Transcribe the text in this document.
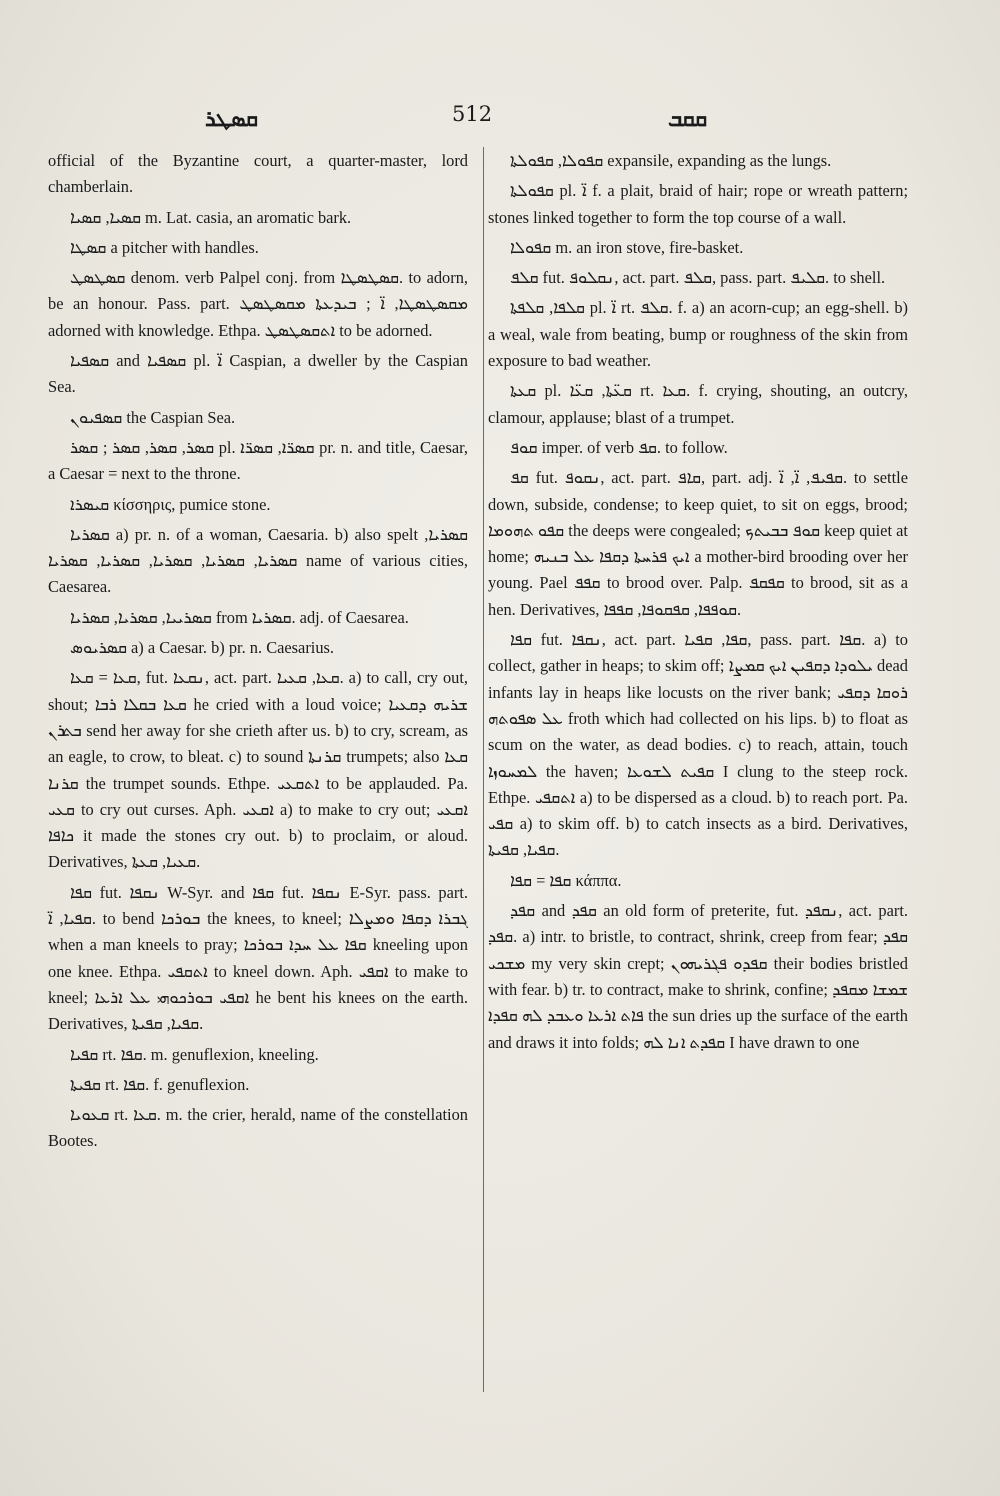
ܩܣܛܪ	512	ܩܩܒ

official of the Byzantine court, a quarter-master, lord chamberlain.

ܩܣܝܐ, ܩܣܝܐ m. Lat. casia, an aromatic bark.

ܩܣܛܐ a pitcher with handles.

ܩܣܛܣܛ denom. verb Palpel conj. from ܩܣܛܣܛܐ. to adorn, be an honour. Pass. part. ܡܩܣܛܣܛܐ, ܐ̈ ; ܒܝܕܥܬܐ ܡܩܣܛܣܛ adorned with knowledge. Ethpa. ܐܬܩܣܛܣܛ to be adorned.

ܩܣܦܝܐ and ܩܣܦܝܐ pl. ܐ̈ Caspian, a dweller by the Caspian Sea.

ܩܣܦܝܘܢ the Caspian Sea.

ܩܣܪ, ܩܣܪ, ܩܣܪ ; ܩܣܪ pl. ܩܣܪ̈ܐ, ܩܣܪ̈ܐ pr. n. and title, Caesar, a Caesar = next to the throne.

ܩܝܣܪܐ κίσσηρις, pumice stone.

ܩܣܪܝܐ a) pr. n. of a woman, Caesaria. b) also spelt ܩܣܪܝܐ, ܩܣܪܝܐ, ܩܣܪܝܐ, ܩܣܪܝܐ, ܩܣܪܝܐ, ܩܣܪܝܐ name of various cities, Caesarea.

ܩܣܪܝܝܐ, ܩܣܪܝܐ, ܩܣܪܝܐ from ܩܣܪܝܐ. adj. of Caesarea.

ܩܣܪܝܘܣ a) a Caesar. b) pr. n. Caesarius.

ܩܥܐ = ܩܥܐ, fut. ܢܩܥܐ, act. part. ܩܥܐ, ܩܥܝܐ. a) to call, cry out, shout; ܩܥܐ ܒܩܠܐ ܪܒܐ he cried with a loud voice; ܫܪܝܗ ܕܩܥܝܐ ܒܬܪܢ send her away for she crieth after us. b) to cry, scream, as an eagle, to crow, to bleat. c) to sound ܩܪܢܬܐ trumpets; also ܩܥܐ ܩܪܢܐ the trumpet sounds. Ethpe. ܐܬܩܥܝ to be applauded. Pa. ܩܥܝ to cry out curses. Aph. ܐܩܥܝ a) to make to cry out; ܐܩܥܝ ܟܐܦܐ it made the stones cry out. b) to proclaim, or aloud. Derivatives, ܩܥܝܐ, ܩܥܬܐ.

ܩܦܐ fut. ܢܩܦܐ W-Syr. and ܩܦܐ fut. ܢܩܦܐ E-Syr. pass. part. ܩܦܝܐ, ܐ̈. to bend ܒܘܪܟܐ the knees, to kneel; ܓܒܪܐ ܕܩܦܐ ܘܡܨܠܐ when a man kneels to pray; ܩܦܐ ܥܠ ܚܕܐ ܒܘܪܟܐ kneeling upon one knee. Ethpa. ܐܬܩܦܝ to kneel down. Aph. ܐܩܦܝ to make to kneel; ܐܩܦܝ ܒܘܪܟܘܗܝ ܥܠ ܐܪܥܐ he bent his knees on the earth. Derivatives, ܩܦܝܐ, ܩܦܝܬܐ.

ܩܦܝܐ rt. ܩܦܐ. m. genuflexion, kneeling.

ܩܦܝܬܐ rt. ܩܦܐ. f. genuflexion.

ܩܥܘܝܐ rt. ܩܥܐ. m. the crier, herald, name of the constellation Bootes.

ܩܦܘܠܐ, ܩܦܘܠܬܐ expansile, expanding as the lungs.

ܩܦܘܠܬܐ pl. ܐ̈ f. a plait, braid of hair; rope or wreath pattern; stones linked together to form the top course of a wall.

ܩܦܘܠܐ m. an iron stove, fire-basket.

ܩܠܦ fut. ܢܩܠܘܦ, act. part. ܩܠܦ, pass. part. ܩܠܝܦ. to shell.

ܩܠܦܐ, ܩܠܦܬܐ pl. ܐ̈ rt. ܩܠܦ. f. a) an acorn-cup; an egg-shell. b) a weal, wale from beating, bump or roughness of the skin from exposure to bad weather.

ܩܥܬܐ pl. ܩܥ̈ܬܐ, ܩܥ̈ܐ rt. ܩܥܐ. f. crying, shouting, an outcry, clamour, applause; blast of a trumpet.

ܩܘܦ imper. of verb ܩܦ. to follow.

ܩܦ fut. ܢܩܘܦ, act. part. ܩܐܦ, part. adj. ܩܦܝܦ, ܐ̈, ܐ̈. to settle down, subside, condense; to keep quiet, to sit on eggs, brood; ܩܦܘ ܬܗܘܡܐ the deeps were congealed; ܩܘܦ ܒܒܝܬܟ keep quiet at home; ܐܝܟ ܦܪܚܬܐ ܕܩܦܐ ܥܠ ܒܢܝܗ a mother-bird brooding over her young. Pael ܩܦܦ to brood over. Palp. ܩܦܩܦ to brood, sit as a hen. Derivatives, ܩܘܦܦܐ, ܩܦܩܘܦܐ, ܩܦܦܐ.

ܩܦܐ fut. ܢܩܦܐ, act. part. ܩܦܐ, ܩܦܝܐ, pass. part. ܩܦܐ. a) to collect, gather in heaps; to skim off; ܝܠܘܕܐ ܕܩܦܝܢ ܐܝܟ ܩܡܨܐ dead infants lay in heaps like locusts on the river bank; ܪܘܩܐ ܕܩܦܝ ܥܠ ܣܦܘܬܗ froth which had collected on his lips. b) to float as scum on the water, as dead bodies. c) to reach, attain, touch ܠܡܚܘܙܐ the haven; ܩܦܝܬ ܠܫܘܥܐ I clung to the steep rock. Ethpe. ܐܬܩܦܝ a) to be dispersed as a cloud. b) to reach port. Pa. ܩܦܝ a) to skim off. b) to catch insects as a bird. Derivatives, ܩܦܝܐ, ܩܦܝܬܐ.

ܩܦܐ = ܩܦܐ κάππα.

ܩܦܕ and ܩܦܕ an old form of preterite, fut. ܢܩܦܕ, act. part. ܩܦܕ. a) intr. to bristle, to contract, shrink, creep from fear; ܩܦܕ ܡܫܟܝ my very skin crept; ܩܦܕܘ ܦܓܪܝܗܘܢ their bodies bristled with fear. b) tr. to contract, make to shrink, confine; ܫܡܫܐ ܡܩܦܕ ܦܐܬ ܐܪܥܐ ܘܥܒܕ ܠܗ ܩܦܕܐ the sun dries up the surface of the earth and draws it into folds; ܩܦܕܬ ܐܢܐ ܠܗ I have drawn to one
